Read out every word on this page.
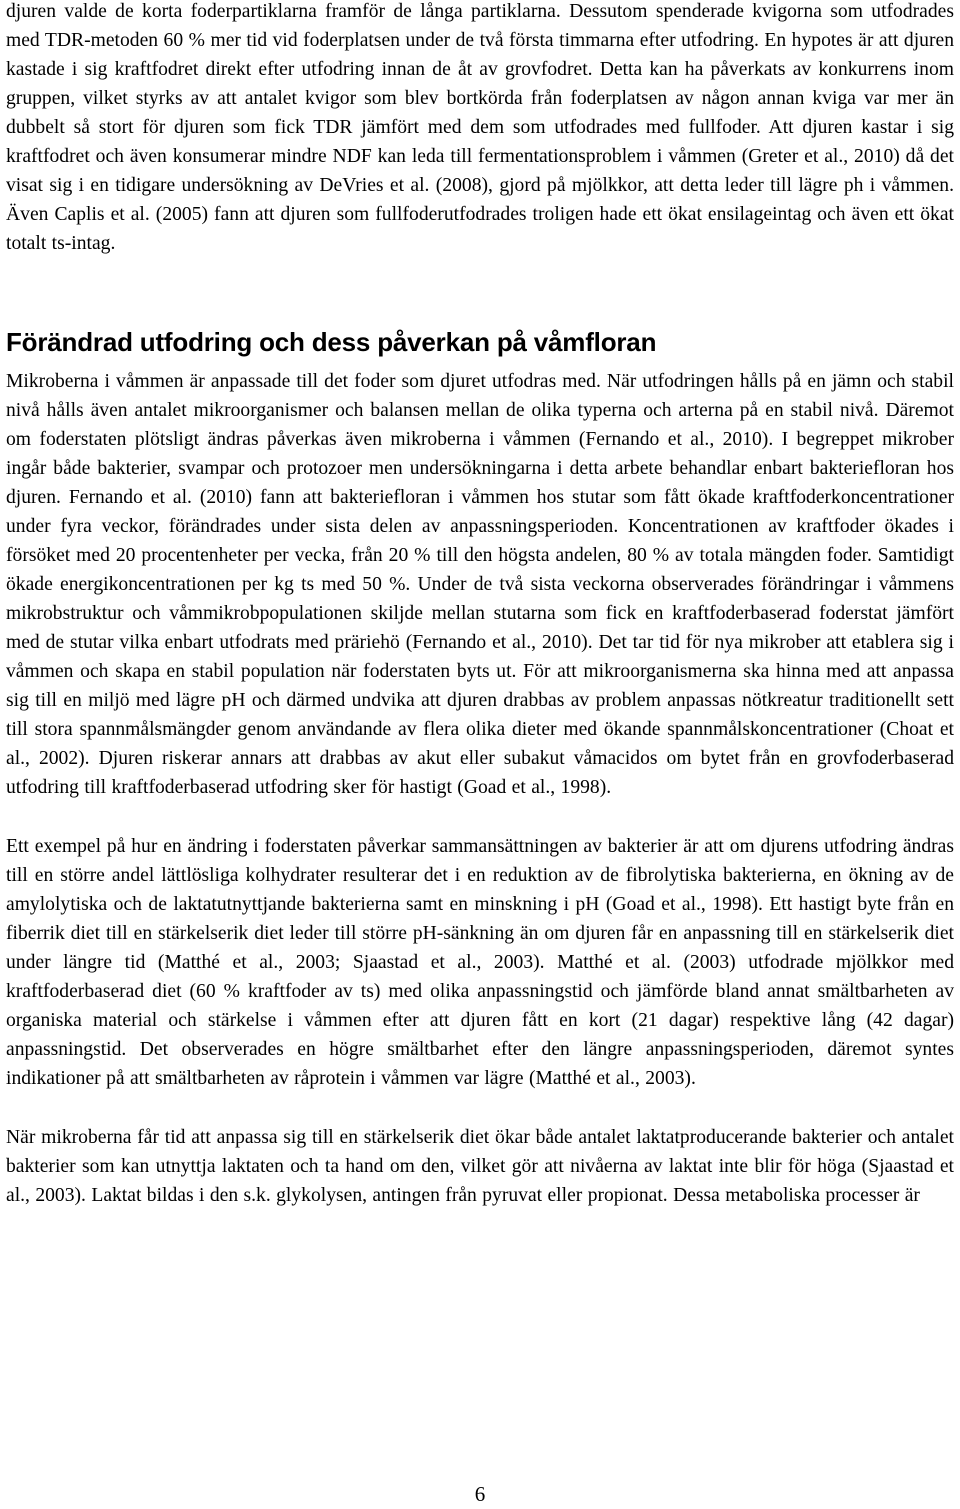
djuren valde de korta foderpartiklarna framför de långa partiklarna. Dessutom spenderade kvigorna som utfodrades med TDR-metoden 60 % mer tid vid foderplatsen under de två första timmarna efter utfodring. En hypotes är att djuren kastade i sig kraftfodret direkt efter utfodring innan de åt av grovfodret. Detta kan ha påverkats av konkurrens inom gruppen, vilket styrks av att antalet kvigor som blev bortkörda från foderplatsen av någon annan kviga var mer än dubbelt så stort för djuren som fick TDR jämfört med dem som utfodrades med fullfoder. Att djuren kastar i sig kraftfodret och även konsumerar mindre NDF kan leda till fermentationsproblem i våmmen (Greter et al., 2010) då det visat sig i en tidigare undersökning av DeVries et al. (2008), gjord på mjölkkor, att detta leder till lägre ph i våmmen. Även Caplis et al. (2005) fann att djuren som fullfoderutfodrades troligen hade ett ökat ensilageintag och även ett ökat totalt ts-intag.

Förändrad utfodring och dess påverkan på våmfloran

Mikroberna i våmmen är anpassade till det foder som djuret utfodras med. När utfodringen hålls på en jämn och stabil nivå hålls även antalet mikroorganismer och balansen mellan de olika typerna och arterna på en stabil nivå. Däremot om foderstaten plötsligt ändras påverkas även mikroberna i våmmen (Fernando et al., 2010). I begreppet mikrober ingår både bakterier, svampar och protozoer men undersökningarna i detta arbete behandlar enbart bakteriefloran hos djuren. Fernando et al. (2010) fann att bakteriefloran i våmmen hos stutar som fått ökade kraftfoderkoncentrationer under fyra veckor, förändrades under sista delen av anpassningsperioden. Koncentrationen av kraftfoder ökades i försöket med 20 procentenheter per vecka, från 20 % till den högsta andelen, 80 % av totala mängden foder. Samtidigt ökade energikoncentrationen per kg ts med 50 %. Under de två sista veckorna observerades förändringar i våmmens mikrobstruktur och våmmikrobpopulationen skiljde mellan stutarna som fick en kraftfoderbaserad foderstat jämfört med de stutar vilka enbart utfodrats med präriehö (Fernando et al., 2010). Det tar tid för nya mikrober att etablera sig i våmmen och skapa en stabil population när foderstaten byts ut. För att mikroorganismerna ska hinna med att anpassa sig till en miljö med lägre pH och därmed undvika att djuren drabbas av problem anpassas nötkreatur traditionellt sett till stora spannmålsmängder genom användande av flera olika dieter med ökande spannmålskoncentrationer (Choat et al., 2002). Djuren riskerar annars att drabbas av akut eller subakut våmacidos om bytet från en grovfoderbaserad utfodring till kraftfoderbaserad utfodring sker för hastigt (Goad et al., 1998).

Ett exempel på hur en ändring i foderstaten påverkar sammansättningen av bakterier är att om djurens utfodring ändras till en större andel lättlösliga kolhydrater resulterar det i en reduktion av de fibrolytiska bakterierna, en ökning av de amylolytiska och de laktatutnyttjande bakterierna samt en minskning i pH (Goad et al., 1998). Ett hastigt byte från en fiberrik diet till en stärkelserik diet leder till större pH-sänkning än om djuren får en anpassning till en stärkelserik diet under längre tid (Matthé et al., 2003; Sjaastad et al., 2003). Matthé et al. (2003) utfodrade mjölkkor med kraftfoderbaserad diet (60 % kraftfoder av ts) med olika anpassningstid och jämförde bland annat smältbarheten av organiska material och stärkelse i våmmen efter att djuren fått en kort (21 dagar) respektive lång (42 dagar) anpassningstid. Det observerades en högre smältbarhet efter den längre anpassningsperioden, däremot syntes indikationer på att smältbarheten av råprotein i våmmen var lägre (Matthé et al., 2003).

När mikroberna får tid att anpassa sig till en stärkelserik diet ökar både antalet laktatproducerande bakterier och antalet bakterier som kan utnyttja laktaten och ta hand om den, vilket gör att nivåerna av laktat inte blir för höga (Sjaastad et al., 2003). Laktat bildas i den s.k. glykolysen, antingen från pyruvat eller propionat. Dessa metaboliska processer är

6
